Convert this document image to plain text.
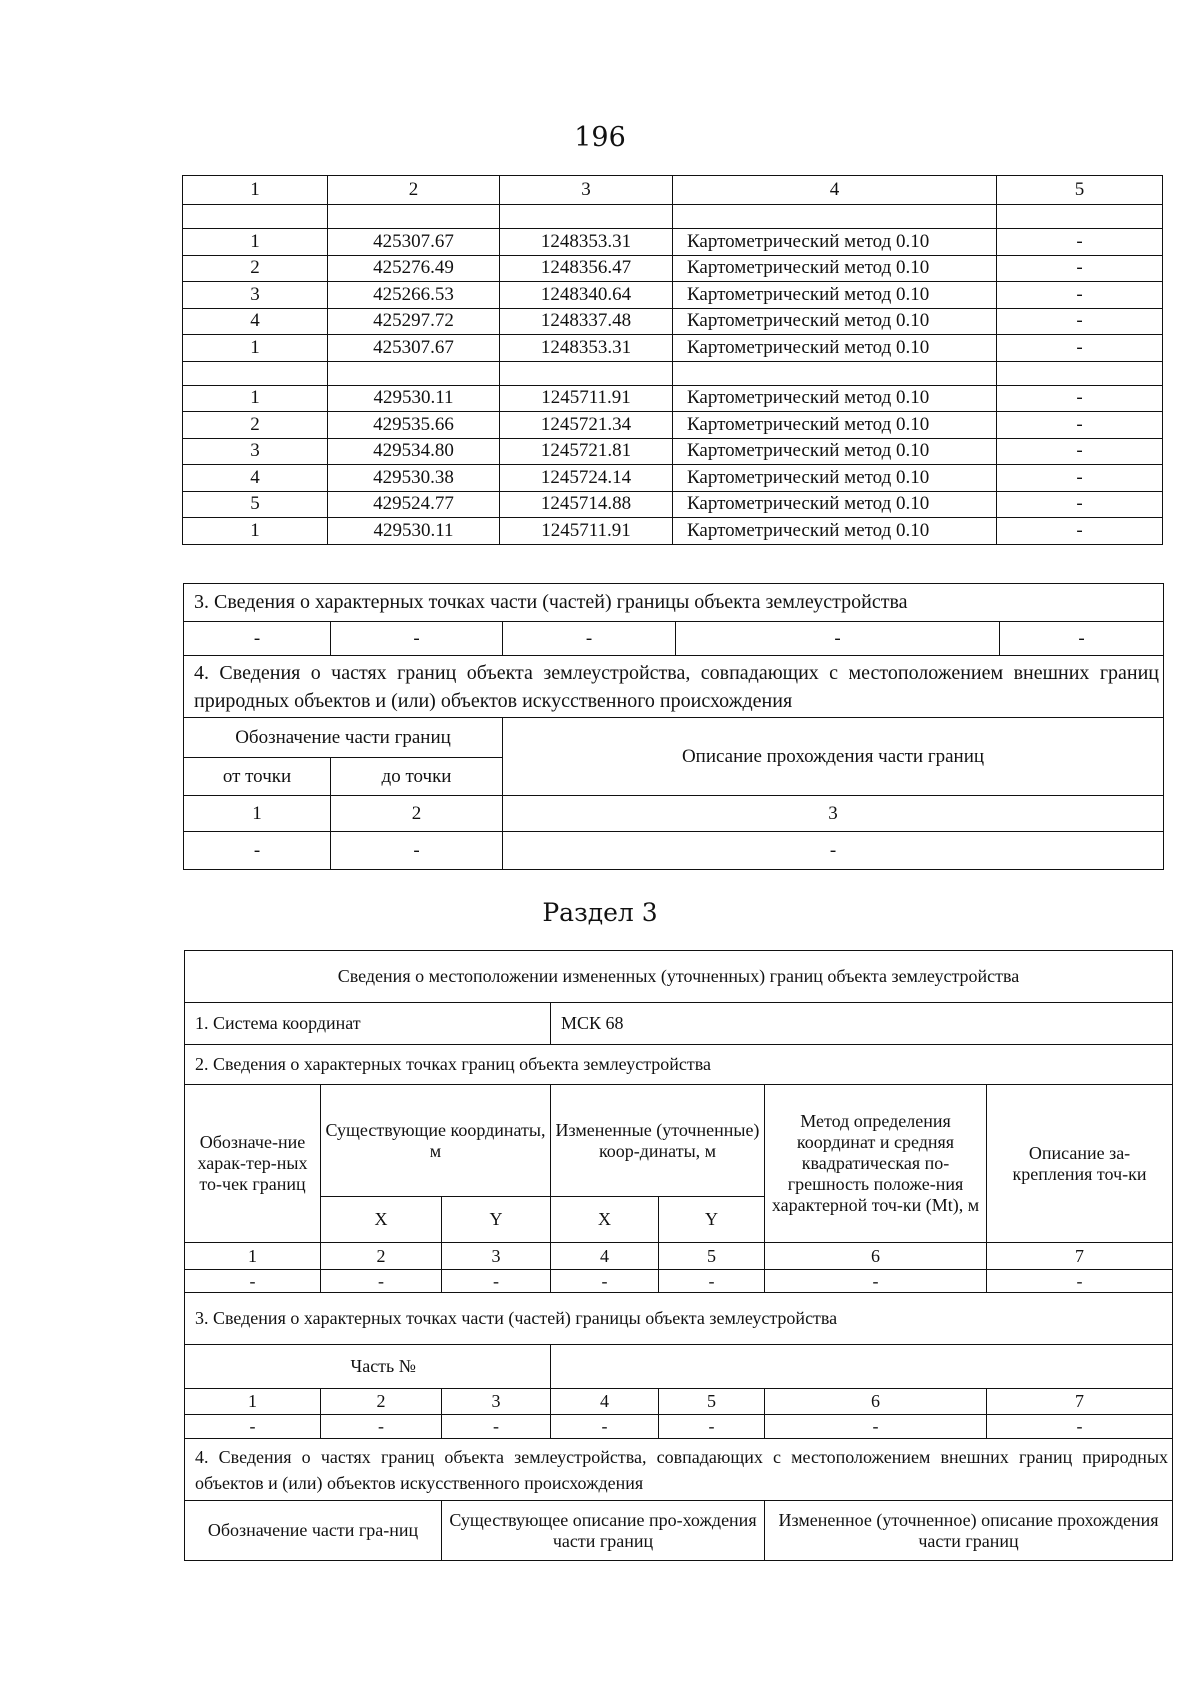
196
1	2	3	4	5

1	425307.67	1248353.31	Картометрический метод 0.10	-
2	425276.49	1248356.47	Картометрический метод 0.10	-
3	425266.53	1248340.64	Картометрический метод 0.10	-
4	425297.72	1248337.48	Картометрический метод 0.10	-
1	425307.67	1248353.31	Картометрический метод 0.10	-

1	429530.11	1245711.91	Картометрический метод 0.10	-
2	429535.66	1245721.34	Картометрический метод 0.10	-
3	429534.80	1245721.81	Картометрический метод 0.10	-
4	429530.38	1245724.14	Картометрический метод 0.10	-
5	429524.77	1245714.88	Картометрический метод 0.10	-
1	429530.11	1245711.91	Картометрический метод 0.10	-
3. Сведения о характерных точках части (частей) границы объекта землеустройства				
-	-	-	-	-
4. Сведения о частях границ объекта землеустройства, совпадающих с местоположением внешних границ природных объектов и (или) объектов искусственного происхождения				
Обозначение части границ		Описание прохождения части границ		
от точки	до точки			
1	2	3		
-	-	-		
Раздел 3
Сведения о местоположении измененных (уточненных) границ объекта землеустройства						
1. Система координат			МСК 68			
2. Сведения о характерных точках границ объекта землеустройства						
Обозначе-ние харак-тер-ных то-чек границ	Существующие координаты, м		Измененные (уточненные) коор-динаты, м		Метод определения координат и средняя квадратическая по-грешность положе-ния характерной точ-ки (Mt), м	Описание за-крепления точ-ки
	X	Y	X	Y		
1	2	3	4	5	6	7
-	-	-	-	-	-	-
3. Сведения о характерных точках части (частей) границы объекта землеустройства						
	Часть №					
1	2	3	4	5	6	7
-	-	-	-	-	-	-
4. Сведения о частях границ объекта землеустройства, совпадающих с местоположением внешних границ природных объектов и (или) объектов искусственного происхождения						
Обозначение части гра-ниц		Существующее описание про-хождения части границ			Измененное (уточненное) описание прохождения части границ	
